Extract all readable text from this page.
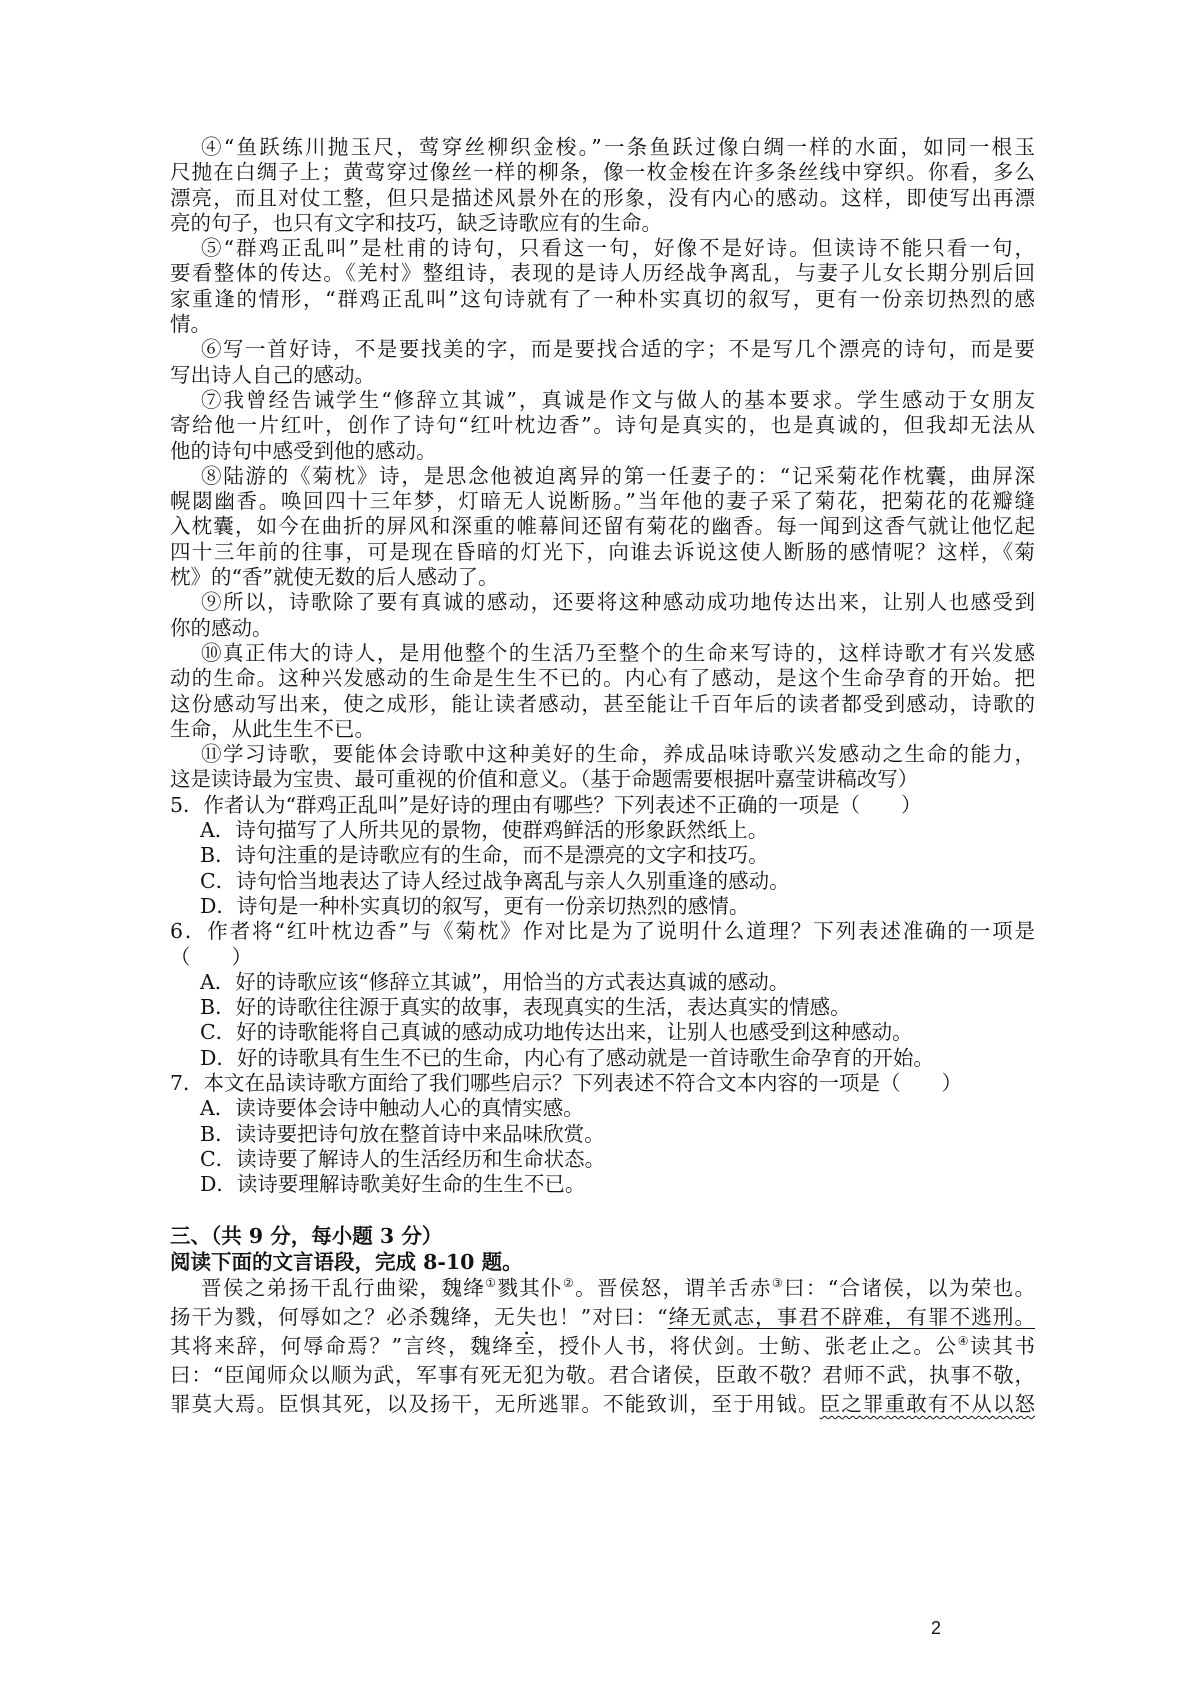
④“鱼跃练川抛玉尺，莺穿丝柳织金梭。”一条鱼跃过像白绸一样的水面，如同一根玉
尺抛在白绸子上；黄莺穿过像丝一样的柳条，像一枚金梭在许多条丝线中穿织。你看，多么
漂亮，而且对仗工整，但只是描述风景外在的形象，没有内心的感动。这样，即使写出再漂
亮的句子，也只有文字和技巧，缺乏诗歌应有的生命。
⑤“群鸡正乱叫”是杜甫的诗句，只看这一句，好像不是好诗。但读诗不能只看一句，
要看整体的传达。《羌村》整组诗，表现的是诗人历经战争离乱，与妻子儿女长期分别后回
家重逢的情形，“群鸡正乱叫”这句诗就有了一种朴实真切的叙写，更有一份亲切热烈的感
情。
⑥写一首好诗，不是要找美的字，而是要找合适的字；不是写几个漂亮的诗句，而是要
写出诗人自己的感动。
⑦我曾经告诫学生“修辞立其诚”，真诚是作文与做人的基本要求。学生感动于女朋友
寄给他一片红叶，创作了诗句“红叶枕边香”。诗句是真实的，也是真诚的，但我却无法从
他的诗句中感受到他的感动。
⑧陆游的《菊枕》诗，是思念他被迫离异的第一任妻子的：“记采菊花作枕囊，曲屏深
幌閟幽香。唤回四十三年梦，灯暗无人说断肠。”当年他的妻子采了菊花，把菊花的花瓣缝
入枕囊，如今在曲折的屏风和深重的帷幕间还留有菊花的幽香。每一闻到这香气就让他忆起
四十三年前的往事，可是现在昏暗的灯光下，向谁去诉说这使人断肠的感情呢？这样，《菊
枕》的“香”就使无数的后人感动了。
⑨所以，诗歌除了要有真诚的感动，还要将这种感动成功地传达出来，让别人也感受到
你的感动。
⑩真正伟大的诗人，是用他整个的生活乃至整个的生命来写诗的，这样诗歌才有兴发感
动的生命。这种兴发感动的生命是生生不已的。内心有了感动，是这个生命孕育的开始。把
这份感动写出来，使之成形，能让读者感动，甚至能让千百年后的读者都受到感动，诗歌的
生命，从此生生不已。
⑪学习诗歌，要能体会诗歌中这种美好的生命，养成品味诗歌兴发感动之生命的能力，
这是读诗最为宝贵、最可重视的价值和意义。（基于命题需要根据叶嘉莹讲稿改写）
5．作者认为“群鸡正乱叫”是好诗的理由有哪些？下列表述不正确的一项是（　　）
A．诗句描写了人所共见的景物，使群鸡鲜活的形象跃然纸上。
B．诗句注重的是诗歌应有的生命，而不是漂亮的文字和技巧。
C．诗句恰当地表达了诗人经过战争离乱与亲人久别重逢的感动。
D．诗句是一种朴实真切的叙写，更有一份亲切热烈的感情。
6．作者将“红叶枕边香”与《菊枕》作对比是为了说明什么道理？下列表述准确的一项是
（　　）
A．好的诗歌应该“修辞立其诚”，用恰当的方式表达真诚的感动。
B．好的诗歌往往源于真实的故事，表现真实的生活，表达真实的情感。
C．好的诗歌能将自己真诚的感动成功地传达出来，让别人也感受到这种感动。
D．好的诗歌具有生生不已的生命，内心有了感动就是一首诗歌生命孕育的开始。
7．本文在品读诗歌方面给了我们哪些启示？下列表述不符合文本内容的一项是（　　）
A．读诗要体会诗中触动人心的真情实感。
B．读诗要把诗句放在整首诗中来品味欣赏。
C．读诗要了解诗人的生活经历和生命状态。
D．读诗要理解诗歌美好生命的生生不已。
三、（共 9 分，每小题 3 分）
阅读下面的文言语段，完成 8-10 题。
晋侯之弟扬干乱行曲梁，魏绛①戮其仆②。晋侯怒，谓羊舌赤③曰：“合诸侯，以为荣也。
扬干为戮，何辱如之？必杀魏绛，无失也！”对曰：“绛无贰志，事君不辟难，有罪不逃刑。
其将来辞，何辱命焉？”言终，魏绛至，授仆人书，将伏剑。士鲂、张老止之。公④读其书
曰：“臣闻师众以顺为武，军事有死无犯为敬。君合诸侯，臣敢不敬？君师不武，执事不敬，
罪莫大焉。臣惧其死，以及扬干，无所逃罪。不能致训，至于用钺。臣之罪重敢有不从以怒
2
